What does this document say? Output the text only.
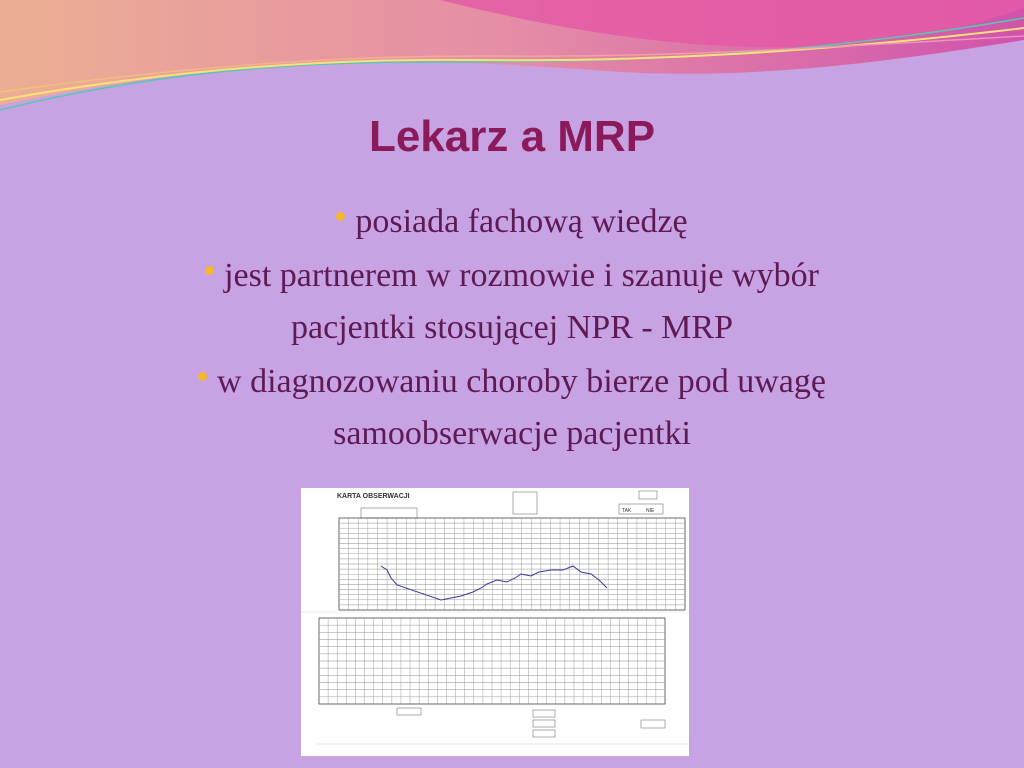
Lekarz a MRP
posiada fachową wiedzę
jest partnerem w rozmowie i szanuje wybór pacjentki stosującej NPR - MRP
w diagnozowaniu choroby bierze pod uwagę samoobserwacje pacjentki
KARTA OBSERWACJI
TAK	NIE
